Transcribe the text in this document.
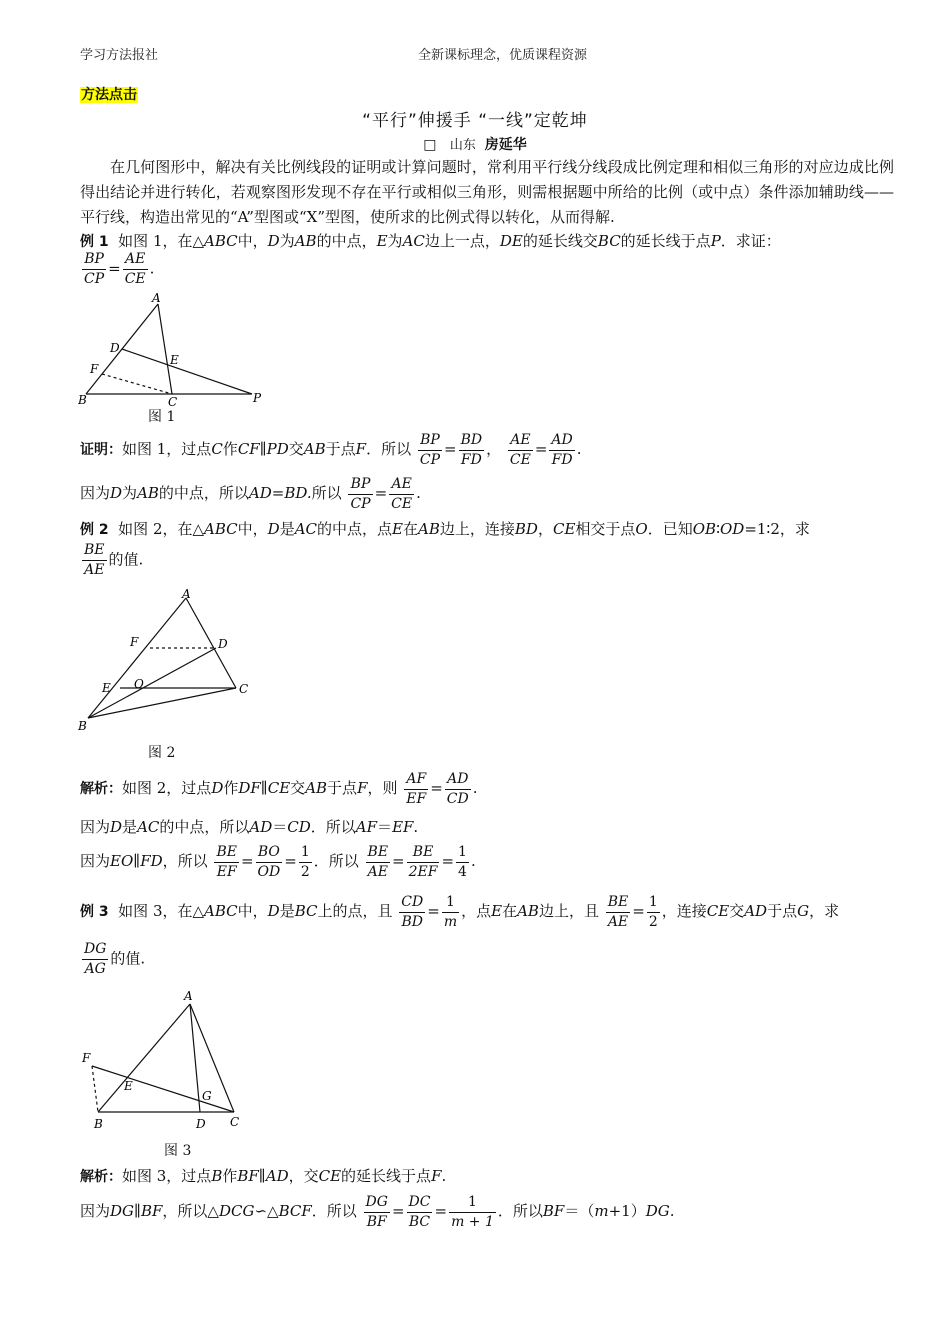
学习方法报社	全新课标理念，优质课程资源
方法点击
“平行”伸援手 “一线”定乾坤
□ 山东 房延华
在几何图形中，解决有关比例线段的证明或计算问题时，常利用平行线分线段成比例定理和相似三角形的对应边成比例得出结论并进行转化，若观察图形发现不存在平行或相似三角形，则需根据题中所给的比例（或中点）条件添加辅助线——平行线，构造出常见的“A”型图或“X”型图，使所求的比例式得以转化，从而得解.
例 1 如图 1，在△ABC中，D为AB的中点，E为AC边上一点，DE的延长线交BC的延长线于点P．求证：
$\frac{BP}{CP} = \frac{AE}{CE}$ .
A
B	C
D
E
F
P
图 1
证明：如图 1，过点C作CF∥PD交AB于点F．所以 $\frac{BP}{CP} = \frac{BD}{FD}$ ， $\frac{AE}{CE} = \frac{AD}{FD}$ .
因为D为AB的中点，所以AD=BD.所以 $\frac{BP}{CP} = \frac{AE}{CE}$ .
例 2 如图 2，在△ABC中，D是AC的中点，点E在AB边上，连接BD，CE相交于点O．已知OB∶OD=1∶2，求
$\frac{BE}{AE}$ 的值.
A
B
C
D
E
F
O
图 2
解析：如图 2，过点D作DF∥CE交AB于点F，则 $\frac{AF}{EF} = \frac{AD}{CD}$ .
因为D是AC的中点，所以AD＝CD．所以AF＝EF.
因为EO∥FD，所以 $\frac{BE}{EF} = \frac{BO}{OD} = \frac{1}{2}$ ．所以 $\frac{BE}{AE} = \frac{BE}{2EF} = \frac{1}{4}$ .
例 3 如图 3，在△ABC中，D是BC上的点，且 $\frac{CD}{BD} = \frac{1}{m}$ ，点E在AB边上，且 $\frac{BE}{AE} = \frac{1}{2}$ ，连接CE交AD于点G，求
$\frac{DG}{AG}$ 的值.
A
B	C
D
E
F
G
图 3
解析：如图 3，过点B作BF∥AD，交CE的延长线于点F.
因为DG∥BF，所以△DCG∽△BCF．所以 $\frac{DG}{BF} = \frac{DC}{BC} = \frac{1}{m + 1}$ ．所以BF＝（m+1）DG.
